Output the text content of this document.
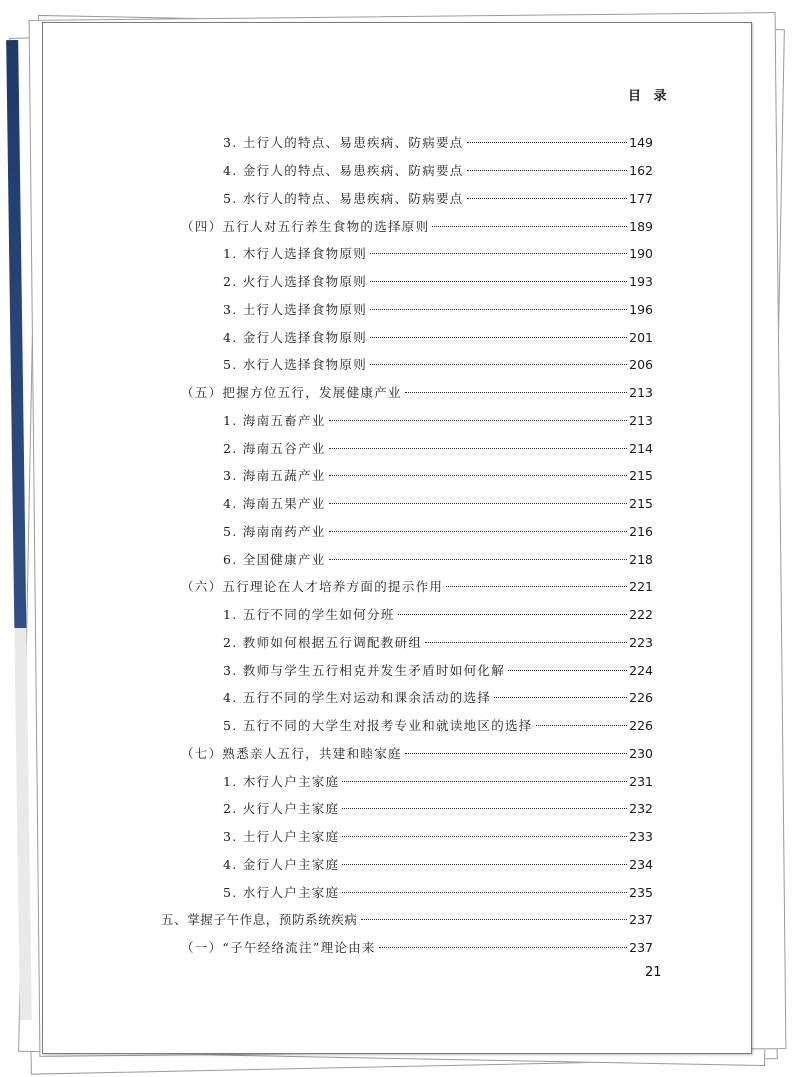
目 录
3. 土行人的特点、易患疾病、防病要点	149
4. 金行人的特点、易患疾病、防病要点	162
5. 水行人的特点、易患疾病、防病要点	177
（四）五行人对五行养生食物的选择原则	189
1. 木行人选择食物原则	190
2. 火行人选择食物原则	193
3. 土行人选择食物原则	196
4. 金行人选择食物原则	201
5. 水行人选择食物原则	206
（五）把握方位五行，发展健康产业	213
1. 海南五畜产业	213
2. 海南五谷产业	214
3. 海南五蔬产业	215
4. 海南五果产业	215
5. 海南南药产业	216
6. 全国健康产业	218
（六）五行理论在人才培养方面的提示作用	221
1. 五行不同的学生如何分班	222
2. 教师如何根据五行调配教研组	223
3. 教师与学生五行相克并发生矛盾时如何化解	224
4. 五行不同的学生对运动和课余活动的选择	226
5. 五行不同的大学生对报考专业和就读地区的选择	226
（七）熟悉亲人五行，共建和睦家庭	230
1. 木行人户主家庭	231
2. 火行人户主家庭	232
3. 土行人户主家庭	233
4. 金行人户主家庭	234
5. 水行人户主家庭	235
五、掌握子午作息，预防系统疾病	237
（一）“子午经络流注”理论由来	237
21
